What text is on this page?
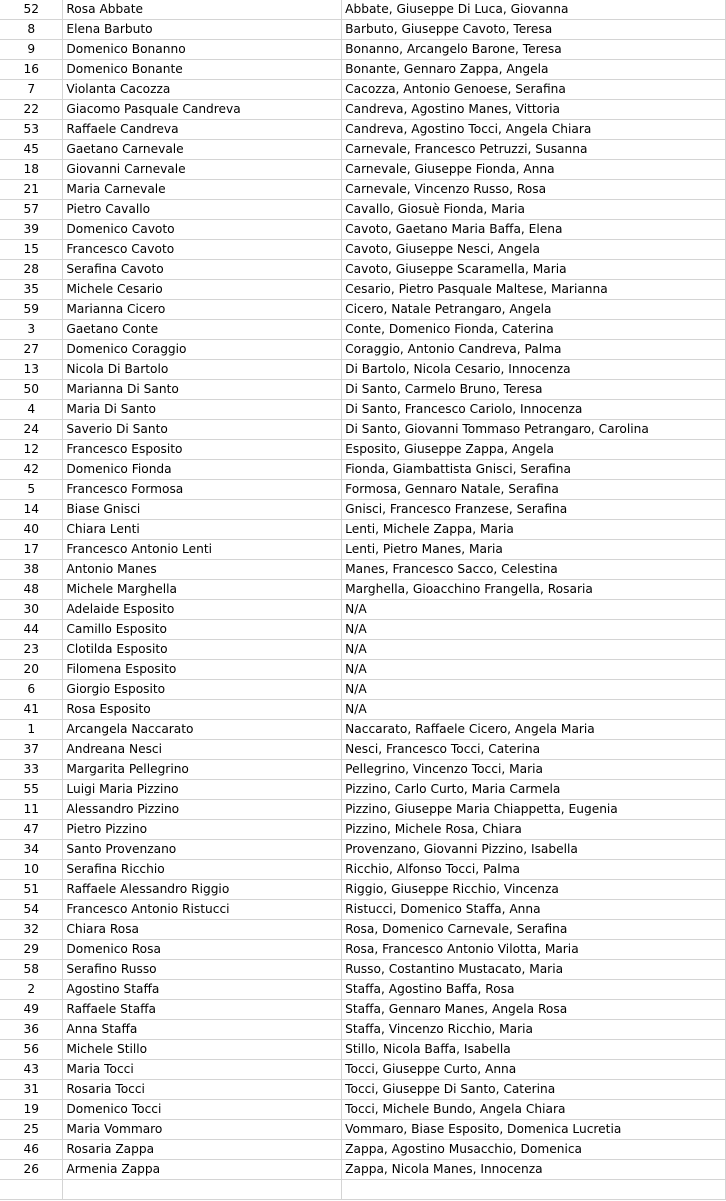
52	Rosa Abbate	Abbate, Giuseppe Di Luca, Giovanna
8	Elena Barbuto	Barbuto, Giuseppe Cavoto, Teresa
9	Domenico Bonanno	Bonanno, Arcangelo Barone, Teresa
16	Domenico Bonante	Bonante, Gennaro Zappa, Angela
7	Violanta Cacozza	Cacozza, Antonio Genoese, Serafina
22	Giacomo Pasquale Candreva	Candreva, Agostino Manes, Vittoria
53	Raffaele Candreva	Candreva, Agostino Tocci, Angela Chiara
45	Gaetano Carnevale	Carnevale, Francesco Petruzzi, Susanna
18	Giovanni Carnevale	Carnevale, Giuseppe Fionda, Anna
21	Maria Carnevale	Carnevale, Vincenzo Russo, Rosa
57	Pietro Cavallo	Cavallo, Giosuè Fionda, Maria
39	Domenico Cavoto	Cavoto, Gaetano Maria Baffa, Elena
15	Francesco Cavoto	Cavoto, Giuseppe Nesci, Angela
28	Serafina Cavoto	Cavoto, Giuseppe Scaramella, Maria
35	Michele Cesario	Cesario, Pietro Pasquale Maltese, Marianna
59	Marianna Cicero	Cicero, Natale Petrangaro, Angela
3	Gaetano Conte	Conte, Domenico Fionda, Caterina
27	Domenico Coraggio	Coraggio, Antonio Candreva, Palma
13	Nicola Di Bartolo	Di Bartolo, Nicola Cesario, Innocenza
50	Marianna Di Santo	Di Santo, Carmelo Bruno, Teresa
4	Maria Di Santo	Di Santo, Francesco Cariolo, Innocenza
24	Saverio Di Santo	Di Santo, Giovanni Tommaso Petrangaro, Carolina
12	Francesco Esposito	Esposito, Giuseppe Zappa, Angela
42	Domenico Fionda	Fionda, Giambattista Gnisci, Serafina
5	Francesco Formosa	Formosa, Gennaro Natale, Serafina
14	Biase Gnisci	Gnisci, Francesco Franzese, Serafina
40	Chiara Lenti	Lenti, Michele Zappa, Maria
17	Francesco Antonio Lenti	Lenti, Pietro Manes, Maria
38	Antonio Manes	Manes, Francesco Sacco, Celestina
48	Michele Marghella	Marghella, Gioacchino Frangella, Rosaria
30	Adelaide Esposito	N/A
44	Camillo Esposito	N/A
23	Clotilda Esposito	N/A
20	Filomena Esposito	N/A
6	Giorgio Esposito	N/A
41	Rosa Esposito	N/A
1	Arcangela Naccarato	Naccarato, Raffaele Cicero, Angela Maria
37	Andreana Nesci	Nesci, Francesco Tocci, Caterina
33	Margarita Pellegrino	Pellegrino, Vincenzo Tocci, Maria
55	Luigi Maria Pizzino	Pizzino, Carlo Curto, Maria Carmela
11	Alessandro Pizzino	Pizzino, Giuseppe Maria Chiappetta, Eugenia
47	Pietro Pizzino	Pizzino, Michele Rosa, Chiara
34	Santo Provenzano	Provenzano, Giovanni Pizzino, Isabella
10	Serafina Ricchio	Ricchio, Alfonso Tocci, Palma
51	Raffaele Alessandro Riggio	Riggio, Giuseppe Ricchio, Vincenza
54	Francesco Antonio Ristucci	Ristucci, Domenico Staffa, Anna
32	Chiara Rosa	Rosa, Domenico Carnevale, Serafina
29	Domenico Rosa	Rosa, Francesco Antonio Vilotta, Maria
58	Serafino Russo	Russo, Costantino Mustacato, Maria
2	Agostino Staffa	Staffa, Agostino Baffa, Rosa
49	Raffaele Staffa	Staffa, Gennaro Manes, Angela Rosa
36	Anna Staffa	Staffa, Vincenzo Ricchio, Maria
56	Michele Stillo	Stillo, Nicola Baffa, Isabella
43	Maria Tocci	Tocci, Giuseppe Curto, Anna
31	Rosaria Tocci	Tocci, Giuseppe Di Santo, Caterina
19	Domenico Tocci	Tocci, Michele Bundo, Angela Chiara
25	Maria Vommaro	Vommaro, Biase Esposito, Domenica Lucretia
46	Rosaria Zappa	Zappa, Agostino Musacchio, Domenica
26	Armenia Zappa	Zappa, Nicola Manes, Innocenza
